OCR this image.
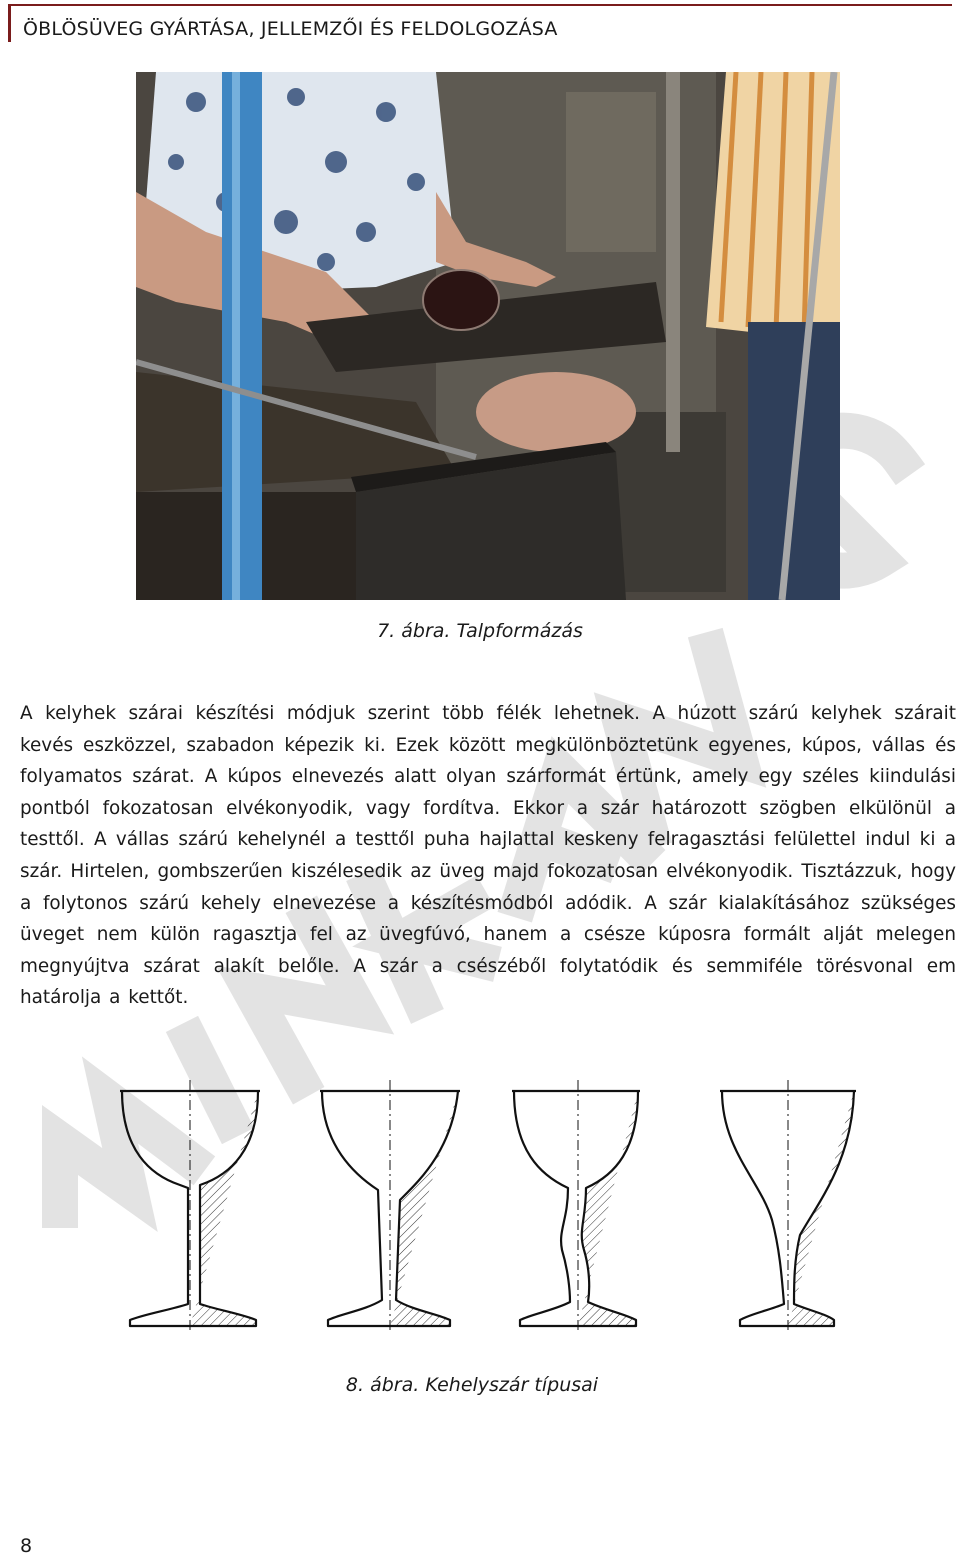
ÖBLÖSÜVEG GYÁRTÁSA, JELLEMZŐI ÉS FELDOLGOZÁSA
7. ábra. Talpformázás
A kelyhek szárai készítési módjuk szerint több félék lehetnek. A húzott szárú kelyhek szárait kevés eszközzel, szabadon képezik ki. Ezek között megkülönböztetünk egyenes, kúpos, vállas és folyamatos szárat. A kúpos elnevezés alatt olyan szárformát értünk, amely egy széles kiindulási pontból fokozatosan elvékonyodik, vagy fordítva. Ekkor a szár határozott szögben elkülönül a testtől. A vállas szárú kehelynél a testtől puha hajlattal keskeny felragasztási felülettel indul ki a szár. Hirtelen, gombszerűen kiszélesedik az üveg majd fokozatosan elvékonyodik. Tisztázzuk, hogy a folytonos szárú kehely elnevezése a készítésmódból adódik. A szár kialakításához szükséges üveget nem külön ragasztja fel az üvegfúvó, hanem a csésze kúposra formált alját melegen megnyújtva szárat alakít belőle. A szár a csészéből folytatódik és semmiféle törésvonal em határolja a kettőt.
8. ábra. Kehelyszár típusai
8
